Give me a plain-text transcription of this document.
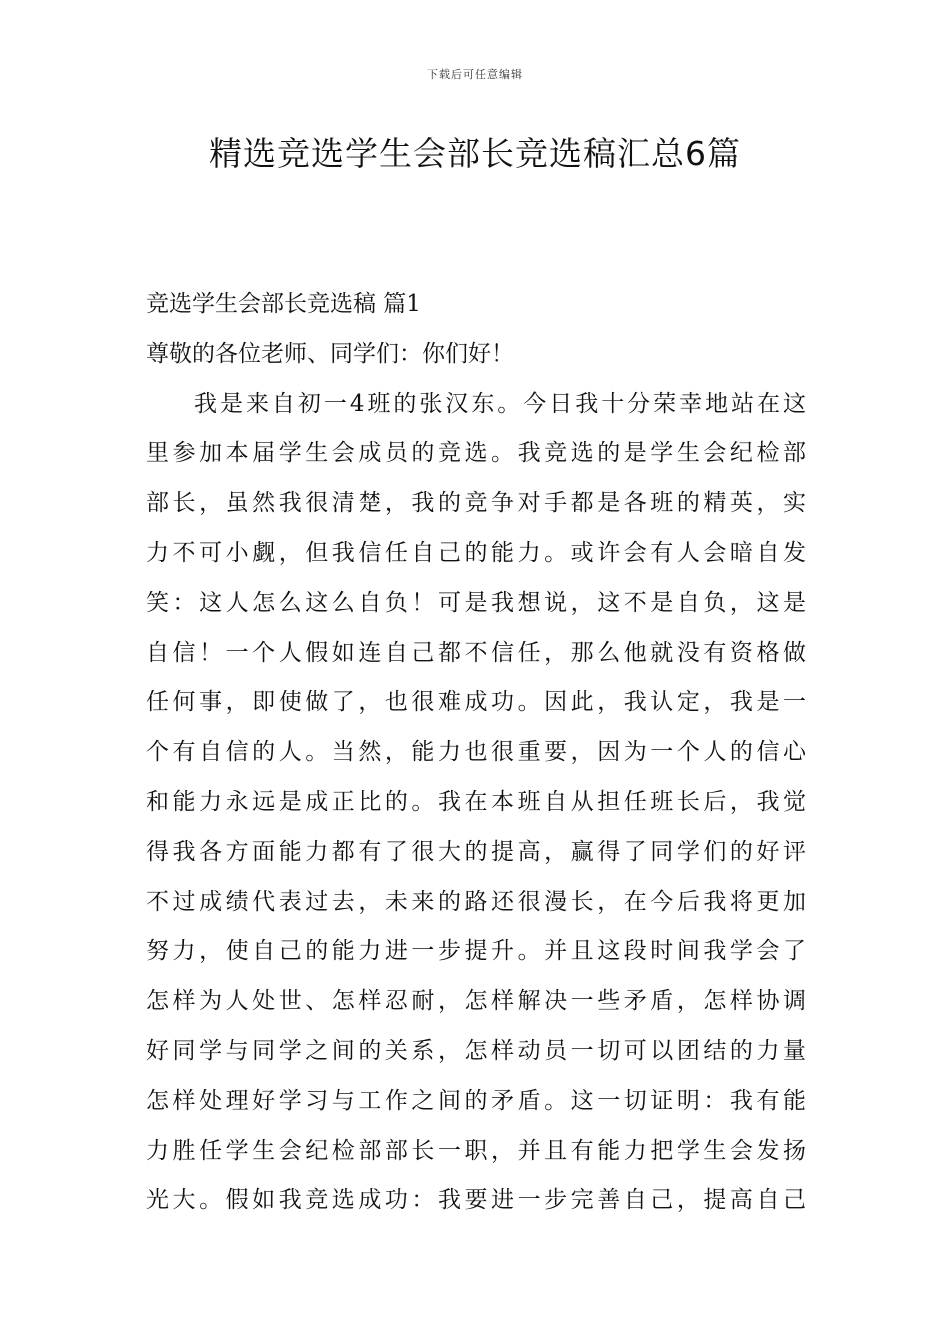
下载后可任意编辑
精选竞选学生会部长竞选稿汇总6篇
竞选学生会部长竞选稿 篇1

尊敬的各位老师、同学们：你们好！

我是来自初一4班的张汉东。今日我十分荣幸地站在这
里参加本届学生会成员的竞选。我竞选的是学生会纪检部
部长，虽然我很清楚，我的竞争对手都是各班的精英，实
力不可小觑，但我信任自己的能力。或许会有人会暗自发
笑：这人怎么这么自负！可是我想说，这不是自负，这是
自信！一个人假如连自己都不信任，那么他就没有资格做
任何事，即使做了，也很难成功。因此，我认定，我是一
个有自信的人。当然，能力也很重要，因为一个人的信心
和能力永远是成正比的。我在本班自从担任班长后，我觉
得我各方面能力都有了很大的提高，赢得了同学们的好评
不过成绩代表过去，未来的路还很漫长，在今后我将更加
努力，使自己的能力进一步提升。并且这段时间我学会了
怎样为人处世、怎样忍耐，怎样解决一些矛盾，怎样协调
好同学与同学之间的关系，怎样动员一切可以团结的力量
怎样处理好学习与工作之间的矛盾。这一切证明：我有能
力胜任学生会纪检部部长一职，并且有能力把学生会发扬
光大。假如我竞选成功：我要进一步完善自己，提高自己
